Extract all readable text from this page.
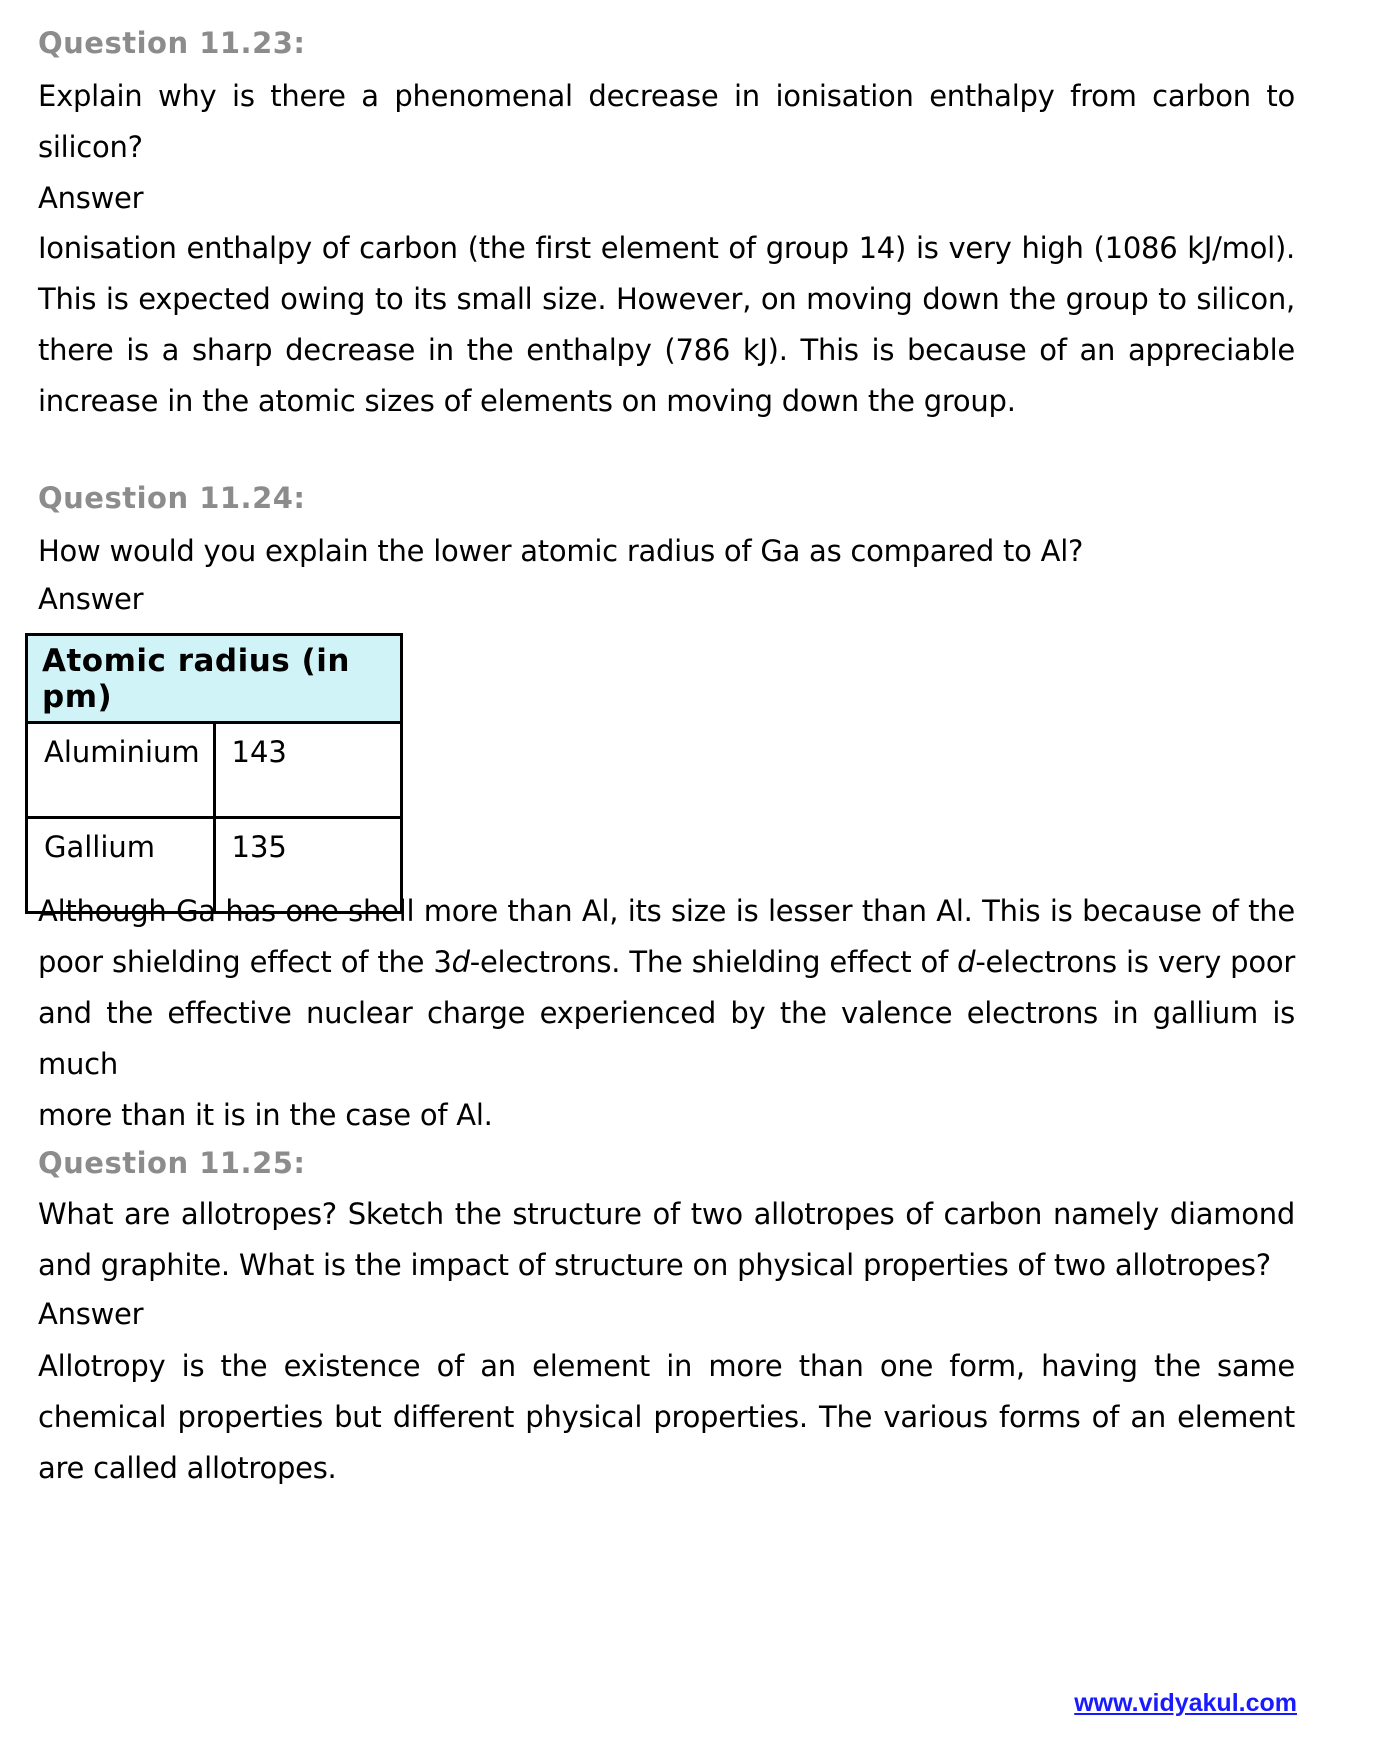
Question 11.23:
Explain why is there a phenomenal decrease in ionisation enthalpy from carbon to
silicon?
Answer
Ionisation enthalpy of carbon (the first element of group 14) is very high (1086 kJ/mol).
This is expected owing to its small size. However, on moving down the group to silicon,
there is a sharp decrease in the enthalpy (786 kJ). This is because of an appreciable
increase in the atomic sizes of elements on moving down the group.
Question 11.24:
How would you explain the lower atomic radius of Ga as compared to Al?
Answer
Atomic radius (in pm)	
Aluminium	143
Gallium	135
Although Ga has one shell more than Al, its size is lesser than Al. This is because of the
poor shielding effect of the 3d-electrons. The shielding effect of d-electrons is very poor
and the effective nuclear charge experienced by the valence electrons in gallium is much
more than it is in the case of Al.
Question 11.25:
What are allotropes? Sketch the structure of two allotropes of carbon namely diamond
and graphite. What is the impact of structure on physical properties of two allotropes?
Answer
Allotropy is the existence of an element in more than one form, having the same
chemical properties but different physical properties. The various forms of an element
are called allotropes.
www.vidyakul.com
